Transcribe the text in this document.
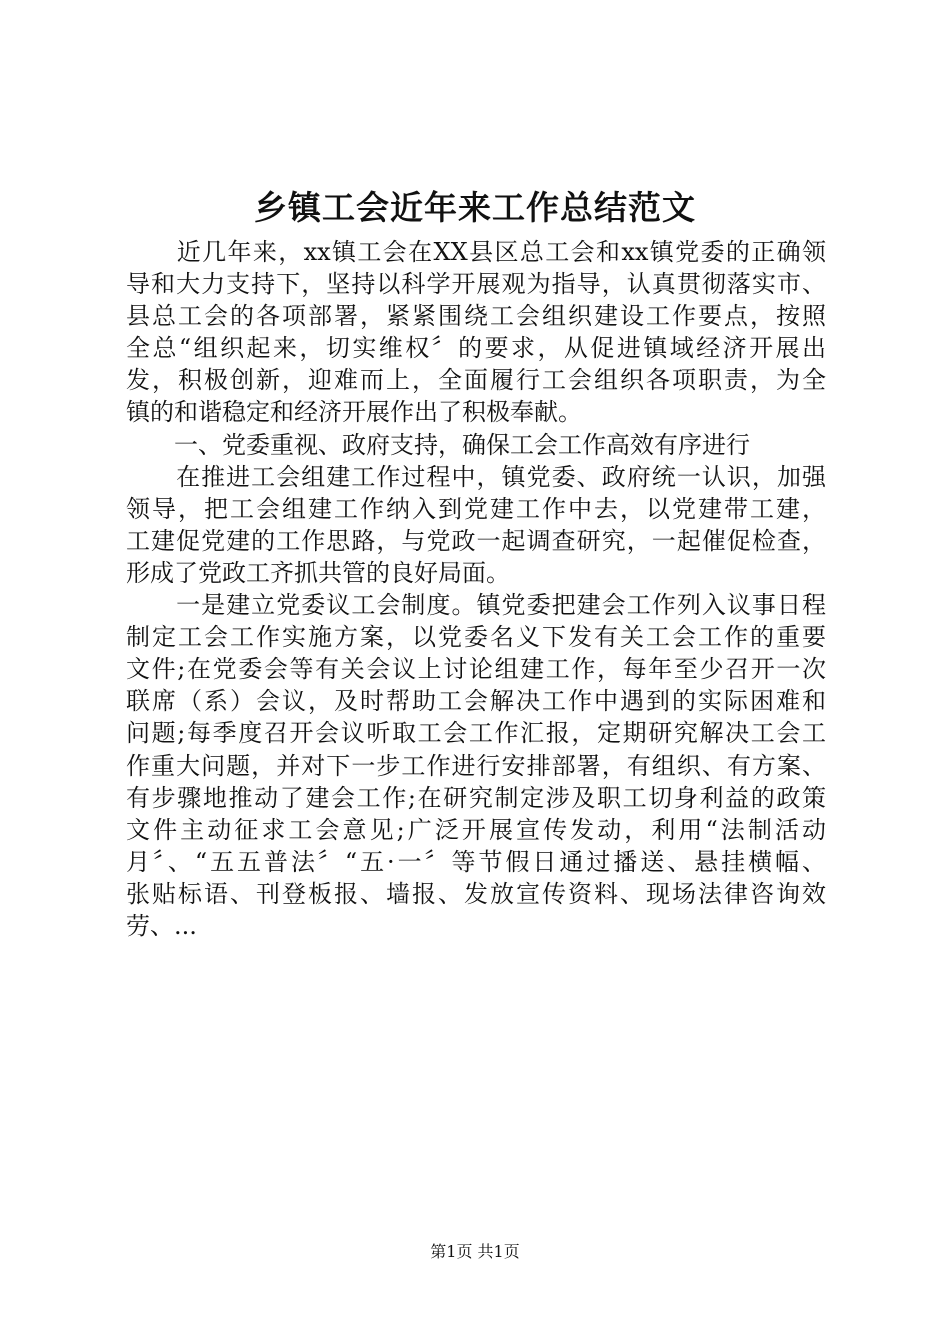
乡镇工会近年来工作总结范文
　　近几年来，xx镇工会在XX县区总工会和xx镇党委的正确领
导和大力支持下，坚持以科学开展观为指导，认真贯彻落实市、
县总工会的各项部署，紧紧围绕工会组织建设工作要点，按照
全总“组织起来，切实维权〞的要求，从促进镇域经济开展出
发，积极创新，迎难而上，全面履行工会组织各项职责，为全
镇的和谐稳定和经济开展作出了积极奉献。
　　一、党委重视、政府支持，确保工会工作高效有序进行
　　在推进工会组建工作过程中，镇党委、政府统一认识，加强
领导，把工会组建工作纳入到党建工作中去，以党建带工建，
工建促党建的工作思路，与党政一起调查研究，一起催促检查，
形成了党政工齐抓共管的良好局面。
　　一是建立党委议工会制度。镇党委把建会工作列入议事日程
制定工会工作实施方案，以党委名义下发有关工会工作的重要
文件;在党委会等有关会议上讨论组建工作，每年至少召开一次
联席（系）会议，及时帮助工会解决工作中遇到的实际困难和
问题;每季度召开会议听取工会工作汇报，定期研究解决工会工
作重大问题，并对下一步工作进行安排部署，有组织、有方案、
有步骤地推动了建会工作;在研究制定涉及职工切身利益的政策
文件主动征求工会意见;广泛开展宣传发动，利用“法制活动
月〞、“五五普法〞“五·一〞等节假日通过播送、悬挂横幅、
张贴标语、刊登板报、墙报、发放宣传资料、现场法律咨询效
劳、...
第1页 共1页
